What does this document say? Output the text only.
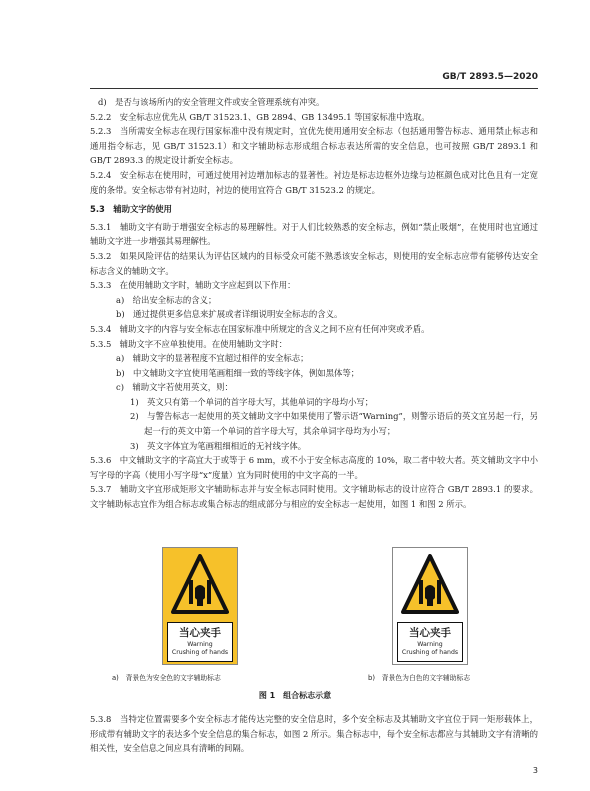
GB/T 2893.5—2020

d)　是否与该场所内的安全管理文件或安全管理系统有冲突。

5.2.2　安全标志应优先从 GB/T 31523.1、GB 2894、GB 13495.1 等国家标准中选取。

5.2.3　当所需安全标志在现行国家标准中没有规定时，宜优先使用通用安全标志（包括通用警告标志、通用禁止标志和通用指令标志，见 GB/T 31523.1）和文字辅助标志形成组合标志表达所需的安全信息，也可按照 GB/T 2893.1 和 GB/T 2893.3 的规定设计新安全标志。

5.2.4　安全标志在使用时，可通过使用衬边增加标志的显著性。衬边是标志边框外边缘与边框颜色成对比色且有一定宽度的条带。安全标志带有衬边时，衬边的使用宜符合 GB/T 31523.2 的规定。

5.3　辅助文字的使用

5.3.1　辅助文字有助于增强安全标志的易理解性。对于人们比较熟悉的安全标志，例如“禁止吸烟”，在使用时也宜通过辅助文字进一步增强其易理解性。

5.3.2　如果风险评估的结果认为评估区域内的目标受众可能不熟悉该安全标志，则使用的安全标志应带有能够传达安全标志含义的辅助文字。

5.3.3　在使用辅助文字时，辅助文字应起到以下作用：

a)　给出安全标志的含义；

b)　通过提供更多信息来扩展或者详细说明安全标志的含义。

5.3.4　辅助文字的内容与安全标志在国家标准中所规定的含义之间不应有任何冲突或矛盾。

5.3.5　辅助文字不应单独使用。在使用辅助文字时：

a)　辅助文字的显著程度不宜超过相伴的安全标志；

b)　中文辅助文字宜使用笔画粗细一致的等线字体，例如黑体等；

c)　辅助文字若使用英文，则：

1)　英文只有第一个单词的首字母大写，其他单词的字母均小写；

2)　与警告标志一起使用的英文辅助文字中如果使用了警示语“Warning”，则警示语后的英文宜另起一行，另起一行的英文中第一个单词的首字母大写，其余单词字母均为小写；

3)　英文字体宜为笔画粗细相近的无衬线字体。

5.3.6　中文辅助文字的字高宜大于或等于 6 mm，或不小于安全标志高度的 10%，取二者中较大者。英文辅助文字中小写字母的字高（使用小写字母“x”度量）宜为同时使用的中文字高的一半。

5.3.7　辅助文字宜形成矩形文字辅助标志并与安全标志同时使用。文字辅助标志的设计应符合 GB/T 2893.1 的要求。文字辅助标志宜作为组合标志或集合标志的组成部分与相应的安全标志一起使用，如图 1 和图 2 所示。

当心夹手
Warning
Crushing of hands
当心夹手
Warning
Crushing of hands
a)　背景色为安全色的文字辅助标志	b)　背景色为白色的文字辅助标志
图 1　组合标志示意

5.3.8　当特定位置需要多个安全标志才能传达完整的安全信息时，多个安全标志及其辅助文字宜位于同一矩形载体上，形成带有辅助文字的表达多个安全信息的集合标志，如图 2 所示。集合标志中，每个安全标志都应与其辅助文字有清晰的相关性，安全信息之间应具有清晰的间隔。

3
